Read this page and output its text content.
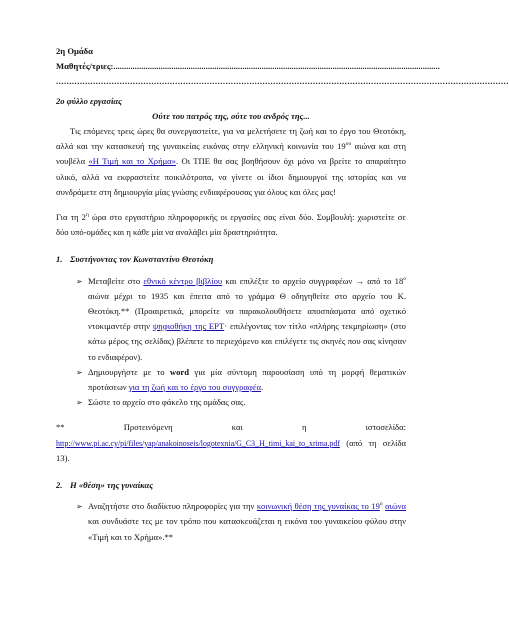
2η Ομάδα
Μαθητές/τριες:........................................................................................................................................................
...........................................................................................................................................................................
2ο φύλλο εργασίας
Ούτε του πατρός της, ούτε του ανδρός της...
Τις επόμενες τρεις ώρες θα συνεργαστείτε, για να μελετήσετε τη ζωή και το έργο του Θεοτόκη, αλλά και την κατασκευή της γυναικείας εικόνας στην ελληνική κοινωνία του $19^{o\upsilon}$ αιώνα και στη νουβέλα «Η Τιμή και το Χρήμα». Οι ΤΠΕ θα σας βοηθήσουν όχι μόνο να βρείτε το απαραίτητο υλικό, αλλά να εκφραστείτε ποικιλότροπα, να γίνετε οι ίδιοι δημιουργοί της ιστορίας και να συνδράμετε στη δημιουργία μίας γνώσης ενδιαφέρουσας για όλους και όλες μας!
Για τη $2^\eta$ ώρα στο εργαστήριο πληροφορικής οι εργασίες σας είναι δύο. Συμβουλή: χωριστείτε σε δύο υπό-ομάδες και η κάθε μία να αναλάβει μία δραστηριότητα.
1. Συστήνοντας τον Κωνσταντίνο Θεοτόκη
➢ Μεταβείτε στο εθνικό κέντρο βιβλίου και επιλέξτε το αρχείο συγγραφέων → από το $18^o$ αιώνα μέχρι το 1935 και έπειτα από το γράμμα Θ οδηγηθείτε στο αρχείο του Κ. Θεοτόκη.** (Προαιρετικά, μπορείτε να παρακολουθήσετε αποσπάσματα από σχετικό ντοκιμαντέρ στην ψηφιοθήκη της ΕΡΤ· επιλέγοντας τον τίτλο «πλήρης τεκμηρίωση» (στο κάτω μέρος της σελίδας) βλέπετε το περιεχόμενο και επιλέγετε τις σκηνές που σας κίνησαν το ενδιαφέρον).
➢ Δημιουργήστε με το word για μία σύντομη παρουσίαση υπό τη μορφή θεματικών προτάσεων για τη ζωή και το έργο του συγγραφέα.
➢ Σώστε το αρχείο στο φάκελο της ομάδας σας.
**	Προτεινόμενη	και	η	ιστοσελίδα:
http://www.pi.ac.cy/pi/files/yap/anakoinoseis/logotexnia/G_C3_H_timi_kai_to_xrima.pdf (από τη σελίδα 13).
2. Η «θέση» της γυναίκας
➢ Αναζητήστε στο διαδίκτυο πληροφορίες για την κοινωνική θέση της γυναίκας το $19^o$ αιώνα και συνδυάστε τες με τον τρόπο που κατασκευάζεται η εικόνα του γυναικείου φύλου στην «Τιμή και το Χρήμα».**
